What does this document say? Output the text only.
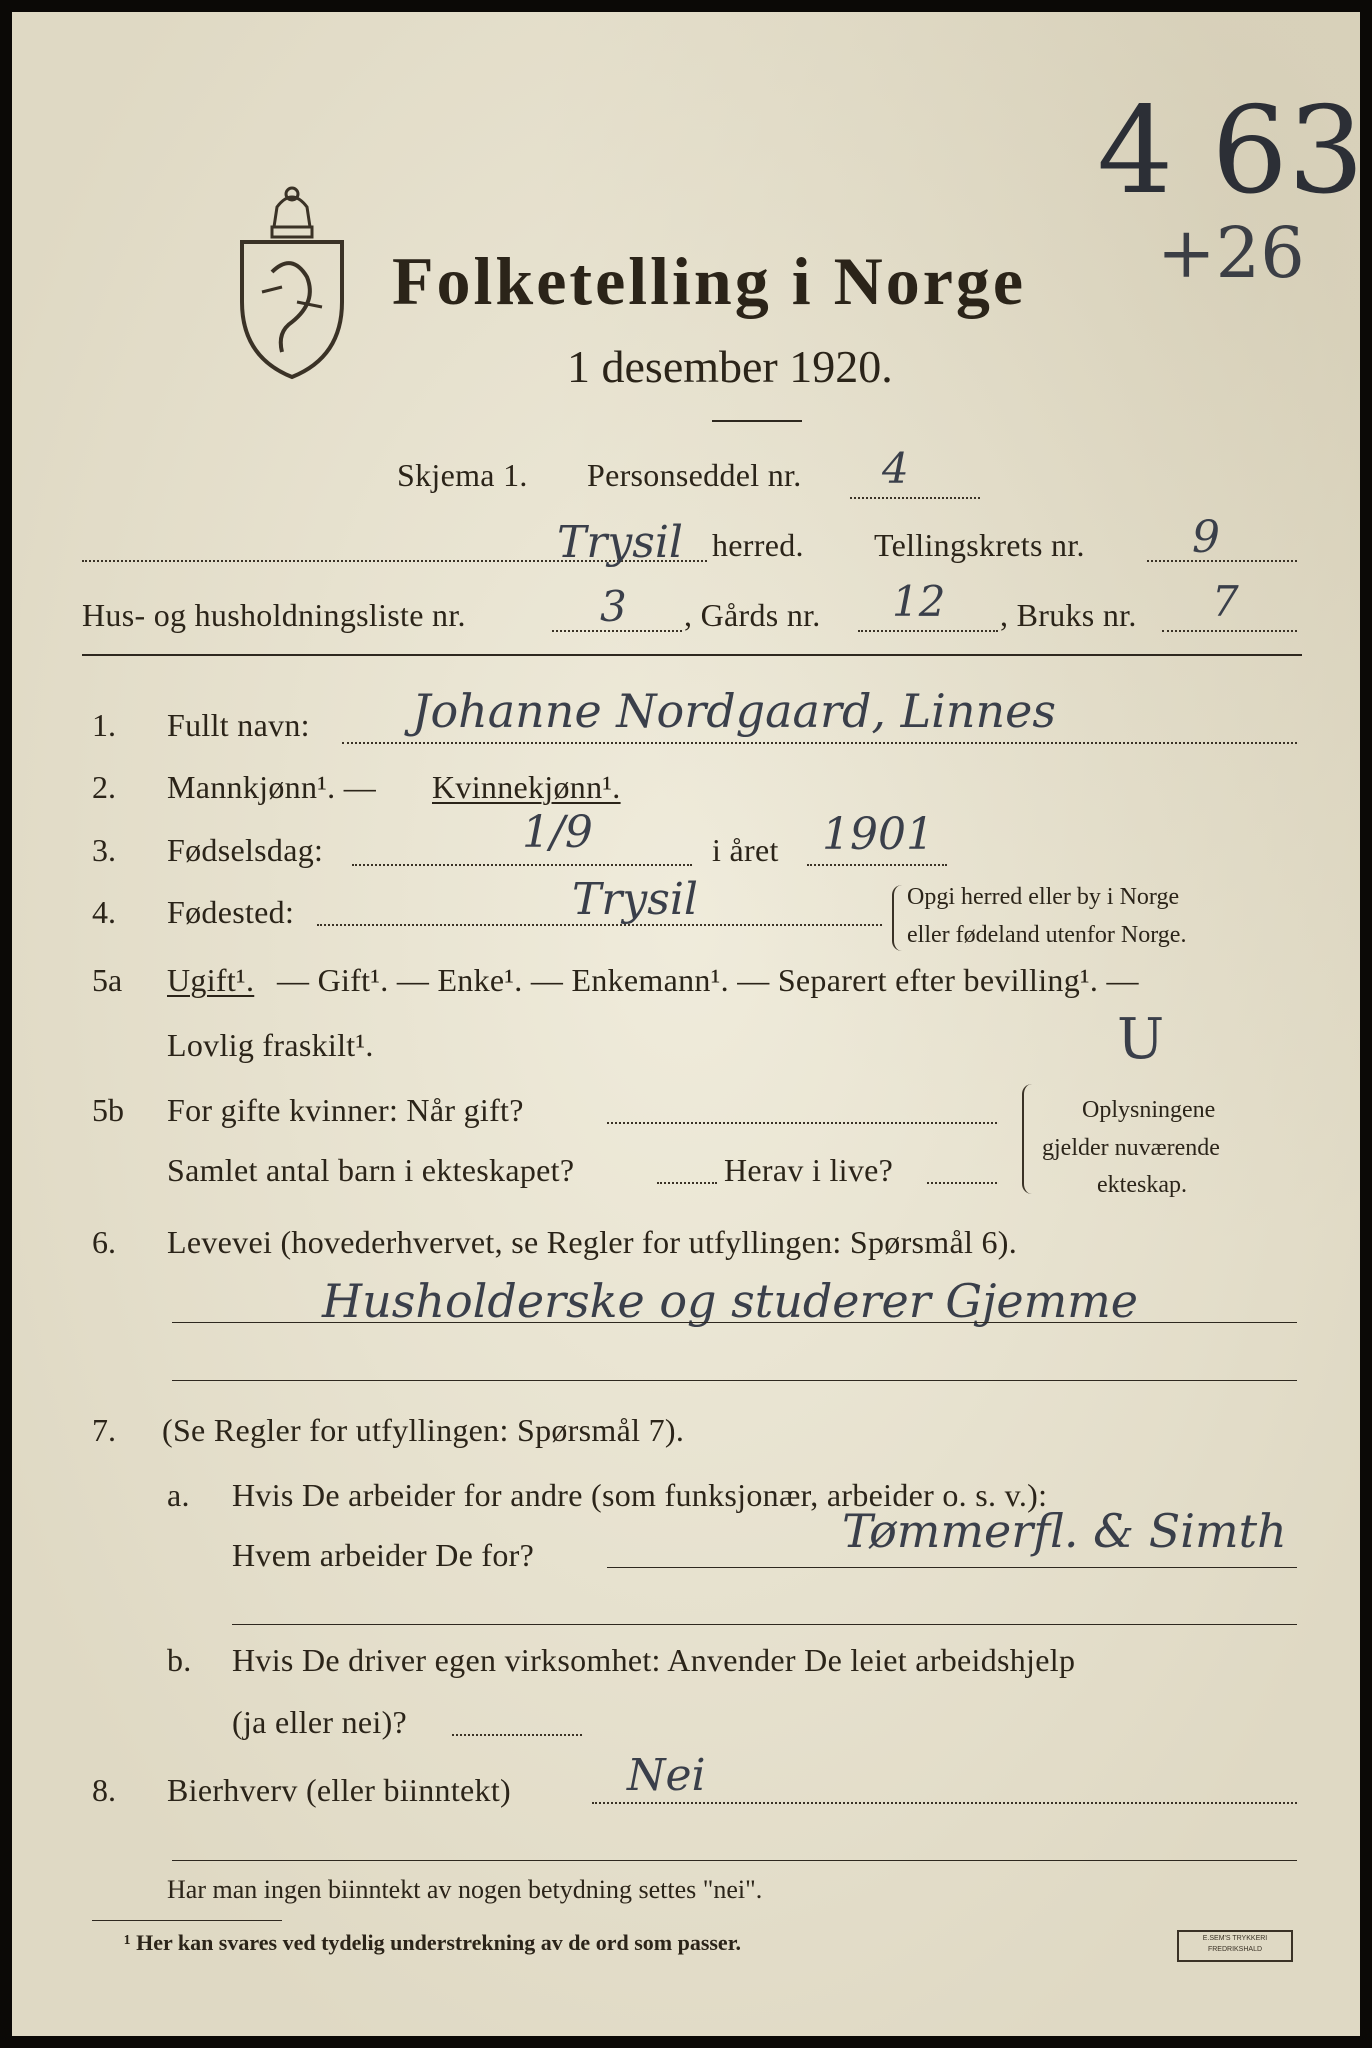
4 63
+26
Folketelling i Norge
1 desember 1920.
Skjema 1. Personseddel nr. 4
Trysil herred. Tellingskrets nr. 9
Hus- og husholdningsliste nr.	3 , Gårds nr. 12 , Bruks nr. 7
1. Fullt navn: Johanne Nordgaard, Linnes
2. Mannkjønn¹. — Kvinnekjønn¹.
3. Fødselsdag:	1/9	i året 1901
4. Fødested:	Trysil	Opgi herred eller by i Norge
eller fødeland utenfor Norge.
5a Ugift¹. — Gift¹. — Enke¹. — Enkemann¹. — Separert efter bevilling¹. —
Lovlig fraskilt¹.	U
5b For gifte kvinner: Når gift?
Samlet antal barn i ekteskapet?	Herav i live?
Oplysningene
gjelder nuværende
ekteskap.
6. Levevei (hovederhvervet, se Regler for utfyllingen: Spørsmål 6).
Husholderske og studerer Gjemme
7. (Se Regler for utfyllingen: Spørsmål 7).
a. Hvis De arbeider for andre (som funksjonær, arbeider o. s. v.):
Hvem arbeider De for?	Tømmerfl. & Simth
b. Hvis De driver egen virksomhet: Anvender De leiet arbeidshjelp
(ja eller nei)?
8. Bierhverv (eller biinntekt)	Nei
Har man ingen biinntekt av nogen betydning settes "nei".
¹ Her kan svares ved tydelig understrekning av de ord som passer.	E.SEM'S TRYKKERI FREDRIKSHALD
